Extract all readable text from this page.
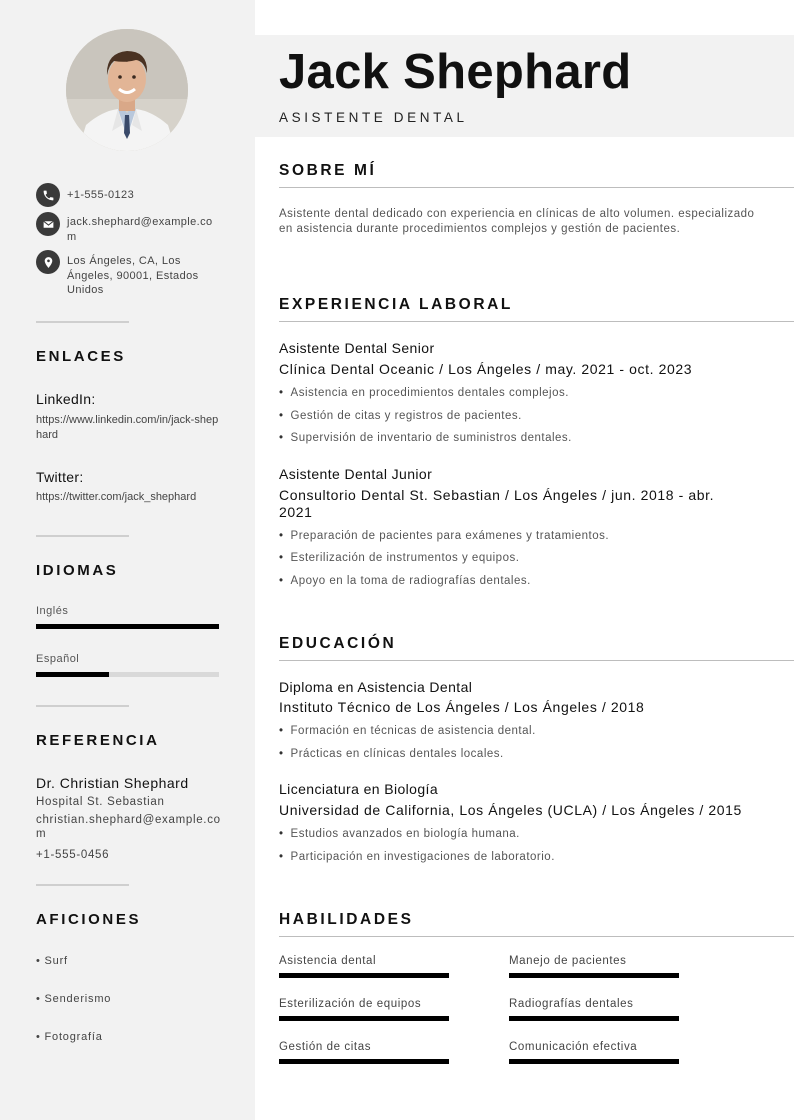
+1-555-0123
jack.shephard@example.com
Los Ángeles, CA, Los Ángeles, 90001, Estados Unidos
ENLACES
LinkedIn:
https://www.linkedin.com/in/jack-shephard
Twitter:
https://twitter.com/jack_shephard
IDIOMAS
Inglés
Español
REFERENCIA
Dr. Christian Shephard
Hospital St. Sebastian
christian.shephard@example.com
+1-555-0456
AFICIONES
• Surf
• Senderismo
• Fotografía
Jack Shephard
ASISTENTE DENTAL
SOBRE MÍ
Asistente dental dedicado con experiencia en clínicas de alto volumen. especializado en asistencia durante procedimientos complejos y gestión de pacientes.
EXPERIENCIA LABORAL
Asistente Dental Senior
Clínica Dental Oceanic / Los Ángeles / may. 2021 - oct. 2023
• Asistencia en procedimientos dentales complejos.
• Gestión de citas y registros de pacientes.
• Supervisión de inventario de suministros dentales.
Asistente Dental Junior
Consultorio Dental St. Sebastian / Los Ángeles / jun. 2018 - abr. 2021
• Preparación de pacientes para exámenes y tratamientos.
• Esterilización de instrumentos y equipos.
• Apoyo en la toma de radiografías dentales.
EDUCACIÓN
Diploma en Asistencia Dental
Instituto Técnico de Los Ángeles / Los Ángeles / 2018
• Formación en técnicas de asistencia dental.
• Prácticas en clínicas dentales locales.
Licenciatura en Biología
Universidad de California, Los Ángeles (UCLA) / Los Ángeles / 2015
• Estudios avanzados en biología humana.
• Participación en investigaciones de laboratorio.
HABILIDADES
Asistencia dental	Manejo de pacientes
Esterilización de equipos	Radiografías dentales
Gestión de citas	Comunicación efectiva
